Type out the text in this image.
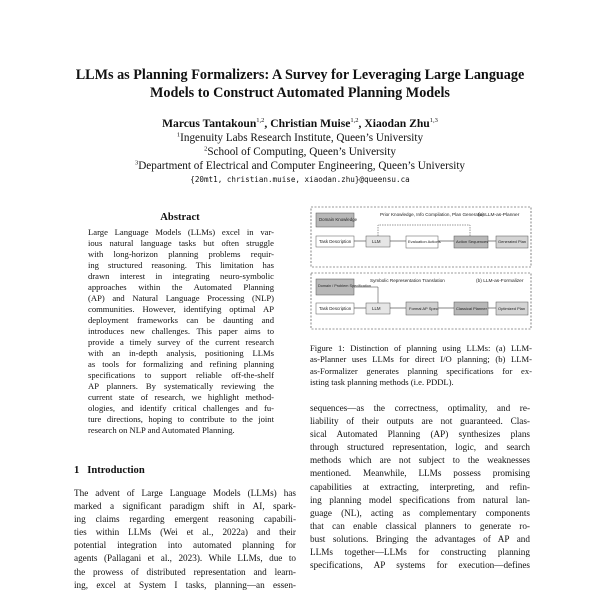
LLMs as Planning Formalizers: A Survey for Leveraging Large Language
Models to Construct Automated Planning Models
Marcus Tantakoun$^{1,2}$, Christian Muise$^{1,2}$, Xiaodan Zhu$^{1,3}$
$^1$Ingenuity Labs Research Institute, Queen’s University
$^2$School of Computing, Queen’s University
$^3$Department of Electrical and Computer Engineering, Queen’s University
{20mt1, christian.muise, xiaodan.zhu}@queensu.ca
Abstract
Large Language Models (LLMs) excel in var-
ious natural language tasks but often struggle
with long-horizon planning problems requir-
ing structured reasoning. This limitation has
drawn interest in integrating neuro-symbolic
approaches within the Automated Planning
(AP) and Natural Language Processing (NLP)
communities. However, identifying optimal AP
deployment frameworks can be daunting and
introduces new challenges. This paper aims to
provide a timely survey of the current research
with an in-depth analysis, positioning LLMs
as tools for formalizing and refining planning
specifications to support reliable off-the-shelf
AP planners. By systematically reviewing the
current state of research, we highlight method-
ologies, and identify critical challenges and fu-
ture directions, hoping to contribute to the joint
research on NLP and Automated Planning.
1 Introduction
The advent of Large Language Models (LLMs) has
marked a significant paradigm shift in AI, spark-
ing claims regarding emergent reasoning capabili-
ties within LLMs (Wei et al., 2022a) and their
potential integration into automated planning for
agents (Pallagani et al., 2023). While LLMs, due to
the prowess of distributed representation and learn-
ing, excel at System I tasks, planning—an essen-
Prior Knowledge, Info Compilation, Plan Generation
(a) LLM-as-Planner
Domain Knowledge
Task Description	LLM	Evaluation Actions	Action Sequences Generated Plan
Symbolic Representation Translation	(b) LLM-as-Formalizer
Domain / Problem Specification
Task Description	LLM	Formal AP Spec.	Classical Planner	Optimized Plan
Figure 1: Distinction of planning using LLMs: (a) LLM-
as-Planner uses LLMs for direct I/O planning; (b) LLM-
as-Formalizer generates planning specifications for ex-
isting task planning methods (i.e. PDDL).
sequences—as the correctness, optimality, and re-
liability of their outputs are not guaranteed. Clas-
sical Automated Planning (AP) synthesizes plans
through structured representation, logic, and search
methods which are not subject to the weaknesses
mentioned. Meanwhile, LLMs possess promising
capabilities at extracting, interpreting, and refin-
ing planning model specifications from natural lan-
guage (NL), acting as complementary components
that can enable classical planners to generate ro-
bust solutions. Bringing the advantages of AP and
LLMs together—LLMs for constructing planning
specifications, AP systems for execution—defines
